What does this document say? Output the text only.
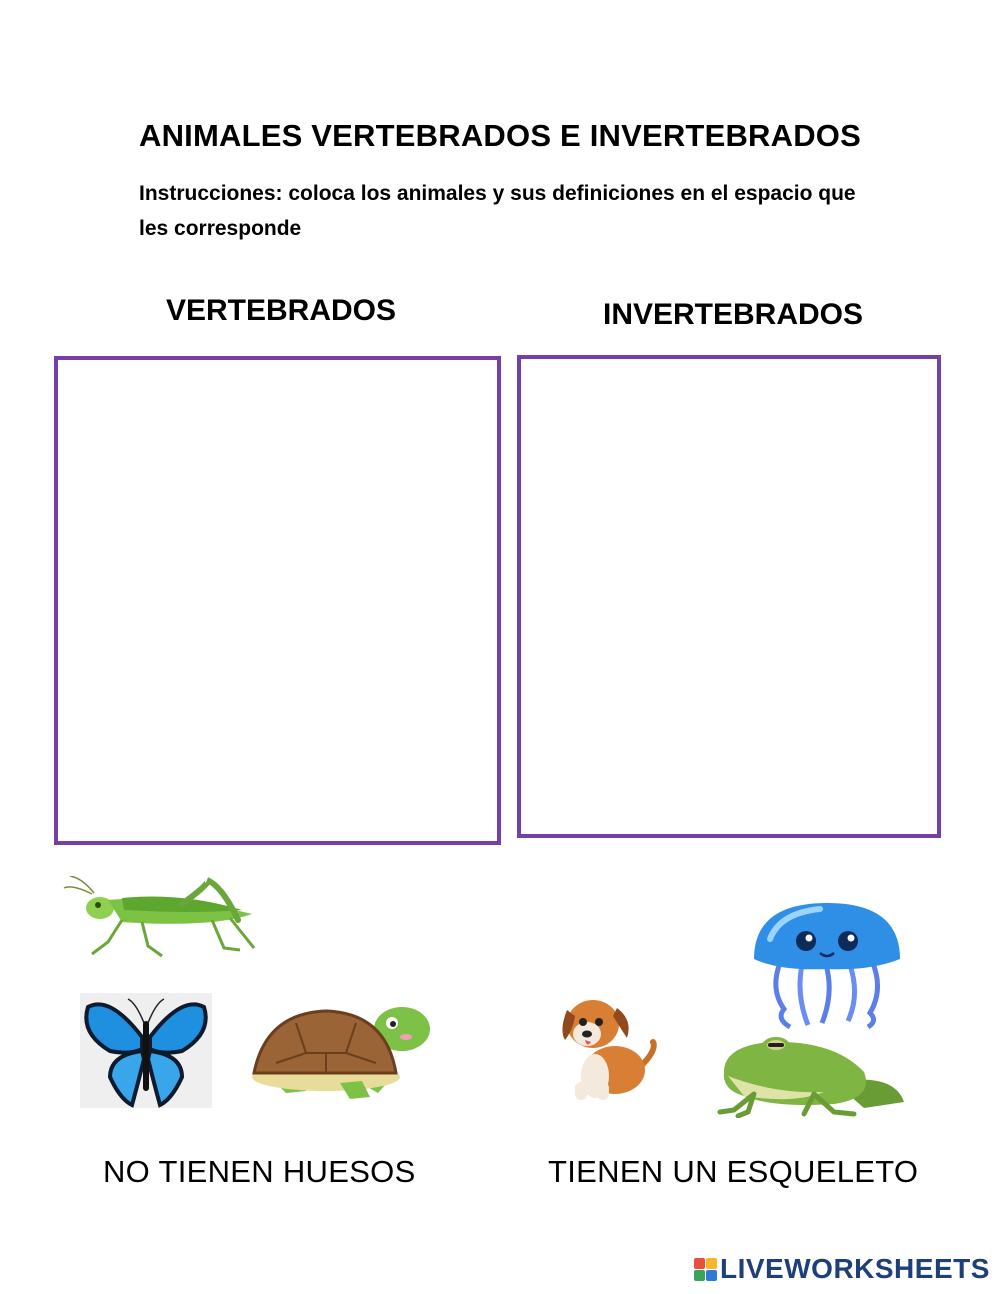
ANIMALES VERTEBRADOS E INVERTEBRADOS
Instrucciones: coloca los animales y sus definiciones en el espacio que les corresponde
VERTEBRADOS	INVERTEBRADOS
NO TIENEN HUESOS	TIENEN UN ESQUELETO
LIVEWORKSHEETS
